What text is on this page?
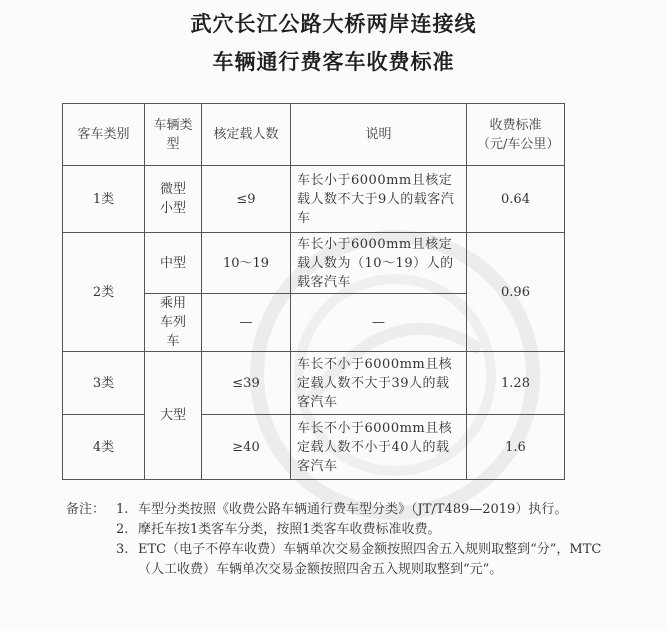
武穴长江公路大桥两岸连接线
车辆通行费客车收费标准
客车类别	车辆类型	核定载人数	说明	收费标准（元/车公里）
1类	微型小型	≤9	车长小于6000mm且核定载人数不大于9人的载客汽车	0.64
2类	中型	10～19	车长小于6000mm且核定载人数为（10～19）人的载客汽车	0.96
	乘用车列车	—	—	
3类	大型	≤39	车长不小于6000mm且核定载人数不大于39人的载客汽车	1.28
4类		≥40	车长不小于6000mm且核定载人数不小于40人的载客汽车	1.6
备注： 1. 车型分类按照《收费公路车辆通行费车型分类》（JT/T489—2019）执行。
2. 摩托车按1类客车分类，按照1类客车收费标准收费。
3. ETC（电子不停车收费）车辆单次交易金额按照四舍五入规则取整到“分”，MTC（人工收费）车辆单次交易金额按照四舍五入规则取整到“元”。
